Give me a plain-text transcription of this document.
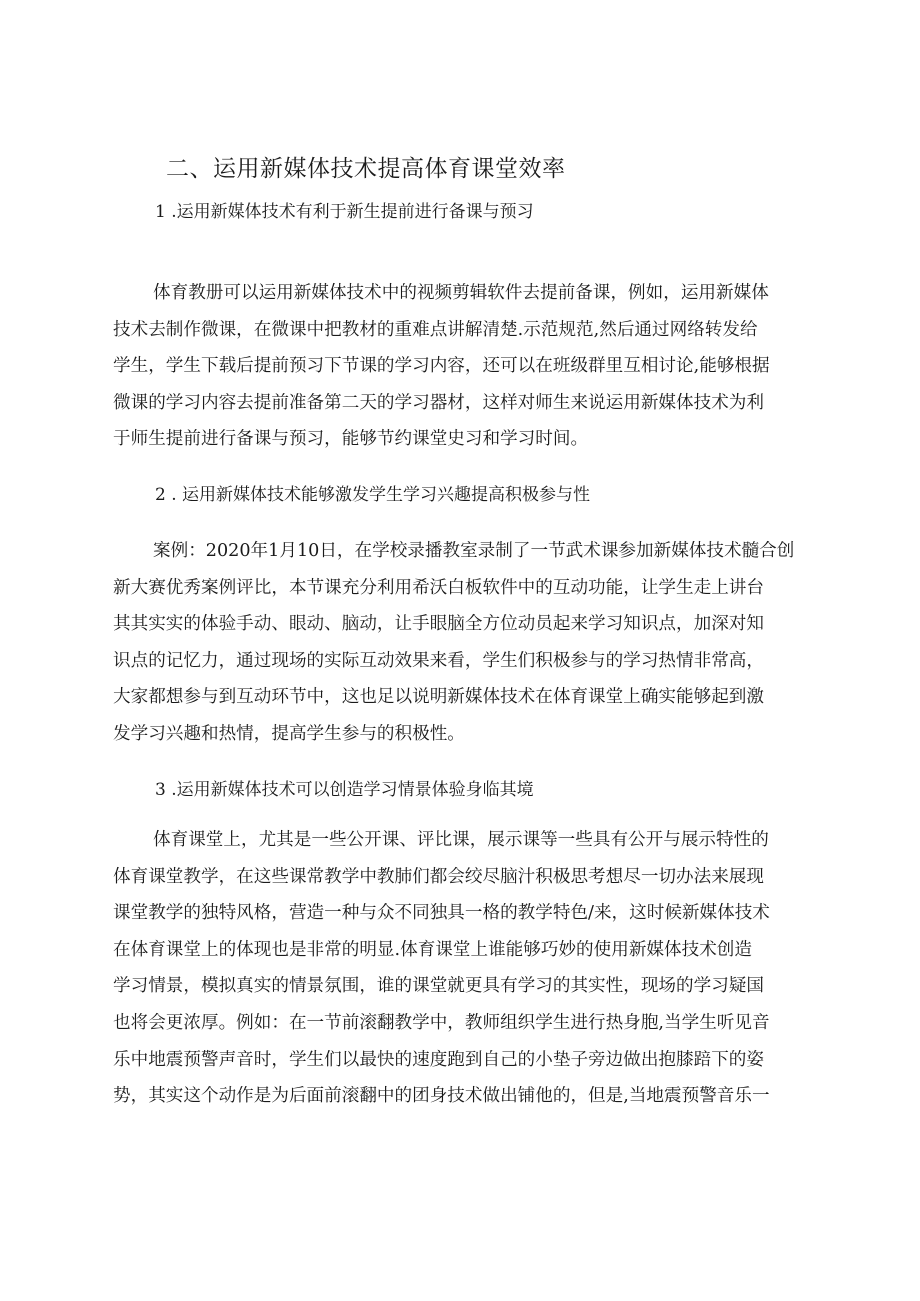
二、运用新媒体技术提高体育课堂效率
1 .运用新媒体技术有利于新生提前进行备课与预习
体育教册可以运用新媒体技术中的视频剪辑软件去提前备课，例如，运用新媒体
技术去制作微课，在微课中把教材的重难点讲解清楚.示范规范,然后通过网络转发给
学生，学生下载后提前预习下节课的学习内容，还可以在班级群里互相讨论,能够根据
微课的学习内容去提前准备第二天的学习器材，这样对师生来说运用新媒体技术为利
于师生提前进行备课与预习，能够节约课堂史习和学习时间。
2 . 运用新媒体技术能够激发学生学习兴趣提高积极参与性
案例：2020年1月10日，在学校录播教室录制了一节武术课参加新媒体技术髓合创
新大赛优秀案例评比，本节课充分利用希沃白板软件中的互动功能，让学生走上讲台
其其实实的体验手动、眼动、脑动，让手眼脑全方位动员起来学习知识点，加深对知
识点的记忆力，通过现场的实际互动效果来看，学生们积极参与的学习热情非常高，
大家都想参与到互动环节中，这也足以说明新媒体技术在体育课堂上确实能够起到激
发学习兴趣和热情，提高学生参与的积极性。
3 .运用新媒体技术可以创造学习情景体验身临其境
体育课堂上，尤其是一些公开课、评比课，展示课等一些具有公开与展示特性的
体育课堂教学，在这些课常教学中教肺们都会绞尽脑汁积极思考想尽一切办法来展现
课堂教学的独特风格，营造一种与众不同独具一格的教学特色/来，这时候新媒体技术
在体育课堂上的体现也是非常的明显.体育课堂上谁能够巧妙的使用新媒体技术创造
学习情景，模拟真实的情景氛围，谁的课堂就更具有学习的其实性，现场的学习疑国
也将会更浓厚。例如：在一节前滚翻教学中，教师组织学生进行热身胞,当学生听见音
乐中地震预警声音时，学生们以最快的速度跑到自己的小垫子旁边做出抱膝踣下的姿
势，其实这个动作是为后面前滚翻中的团身技术做出铺他的，但是,当地震预警音乐一
